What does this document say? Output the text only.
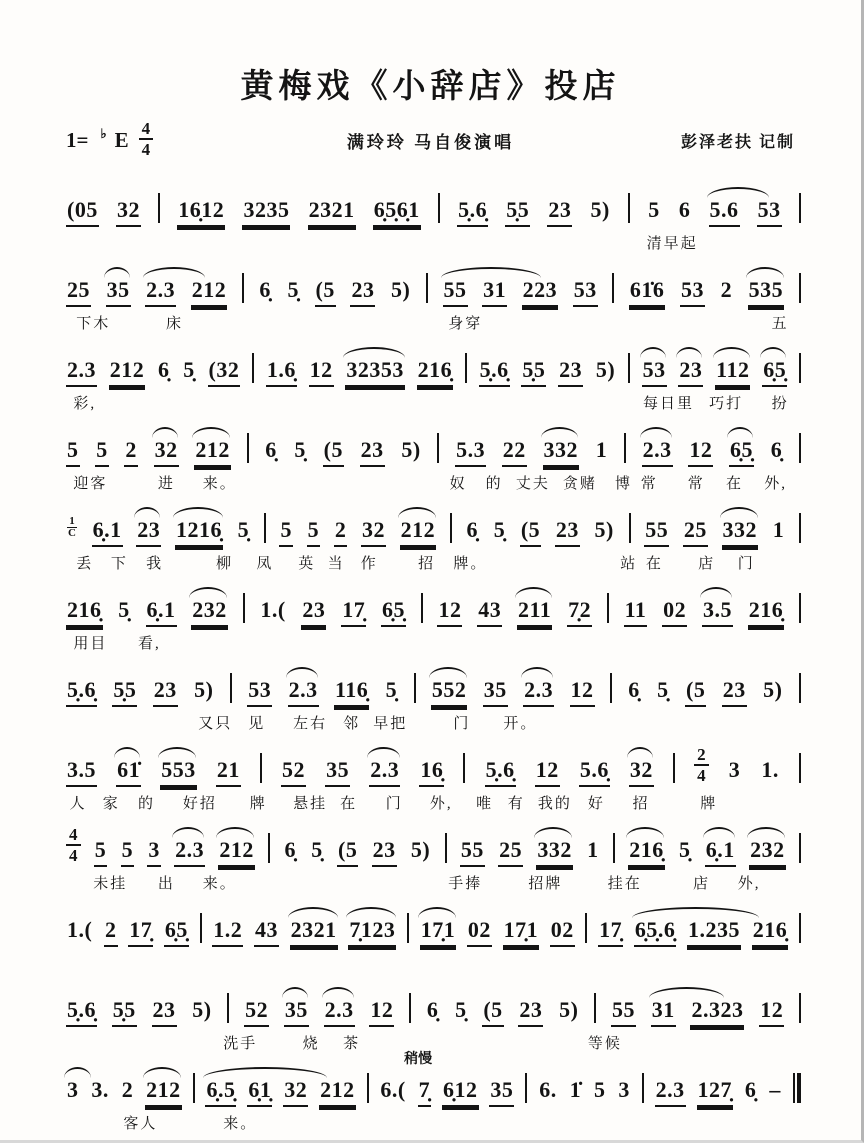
黄梅戏《小辞店》投店
1= ♭ E $\frac{4}{4}$	满玲玲 马自俊演唱	彭泽老扶 记制
(05 32 16̣12 3235 2321 6̣5̣6̣1 5̣.6̣ 5̣5 23 5) 5 6 5.6 53
清早起
25 35 2.3 212 6̣ 5̣ (5 23 5) 55 31 223 53 61̇6 53 2 535
下木	床	身穿	五
2.3 212 6̣ 5̣ (32 1.6̣ 12 32353 216̣ 5̣.6̣ 5̣5 23 5) 53 23 112 6̣5̣
彩,	每日里 巧打 扮
5 5 2 32 212 6̣ 5̣ (5 23 5) 5.3 22 332 1 2.3 12 6̣5̣ 6̣
迎客	进 来。	奴 的 丈夫 贪赌 博 常 常 在 外,
1
C 6̣.1 23 1216̣ 5̣ 5 5 2 32 212 6̣ 5̣ (5 23 5) 55 25 332 1
丢 下 我	柳 凤 英 当 作	招 牌。	站 在 店 门
216̣ 5̣ 6̣.1 232 1.( 23 17̣ 6̣5̣ 12 43 211 7̣2 11 02 3.5 216̣
用目 看,
5̣.6̣ 5̣5 23 5) 53 2.3 116̣ 5̣ 552 35 2.3 12 6̣ 5̣ (5 23 5)
又只 见 左右 邻 早把	门 开。
3.5 61̇ 553 21 52 35 2.3 16̣ 5̣.6̣ 12 5.6̣ $32 \frac{2}{4} 3$ 1.
人 家 的 好招 牌 悬挂 在 门 外, 唯 有 我的 好 招	牌
$\frac{4}{4} 5$ 5 3 2.3 212 6̣ 5̣ (5 23 5) 55 25 332 1 216̣ 5̣ 6̣.1 232
未挂 出 来。	手捧	招牌	挂在	店 外,
1.( 2 17̣ 6̣5̣ 1.2 43 2321 7̣123 17̣1 02 17̣1 02 17̣ 6̣5̣.6̣ 1.235 216̣
5̣.6̣ 5̣5 23 5) 52 35 2.3 12 6̣ 5̣ (5 23 5) 55 31 2.323 12
洗手	烧 茶	等候
稍慢
3 3. 2 212 6̣.5̣ 6̣1̣ 32 212 6.( 7̣ 6̣12 35 6. 1̇ 5 3 2.3 127̣ 6̣ –
客人	来。
